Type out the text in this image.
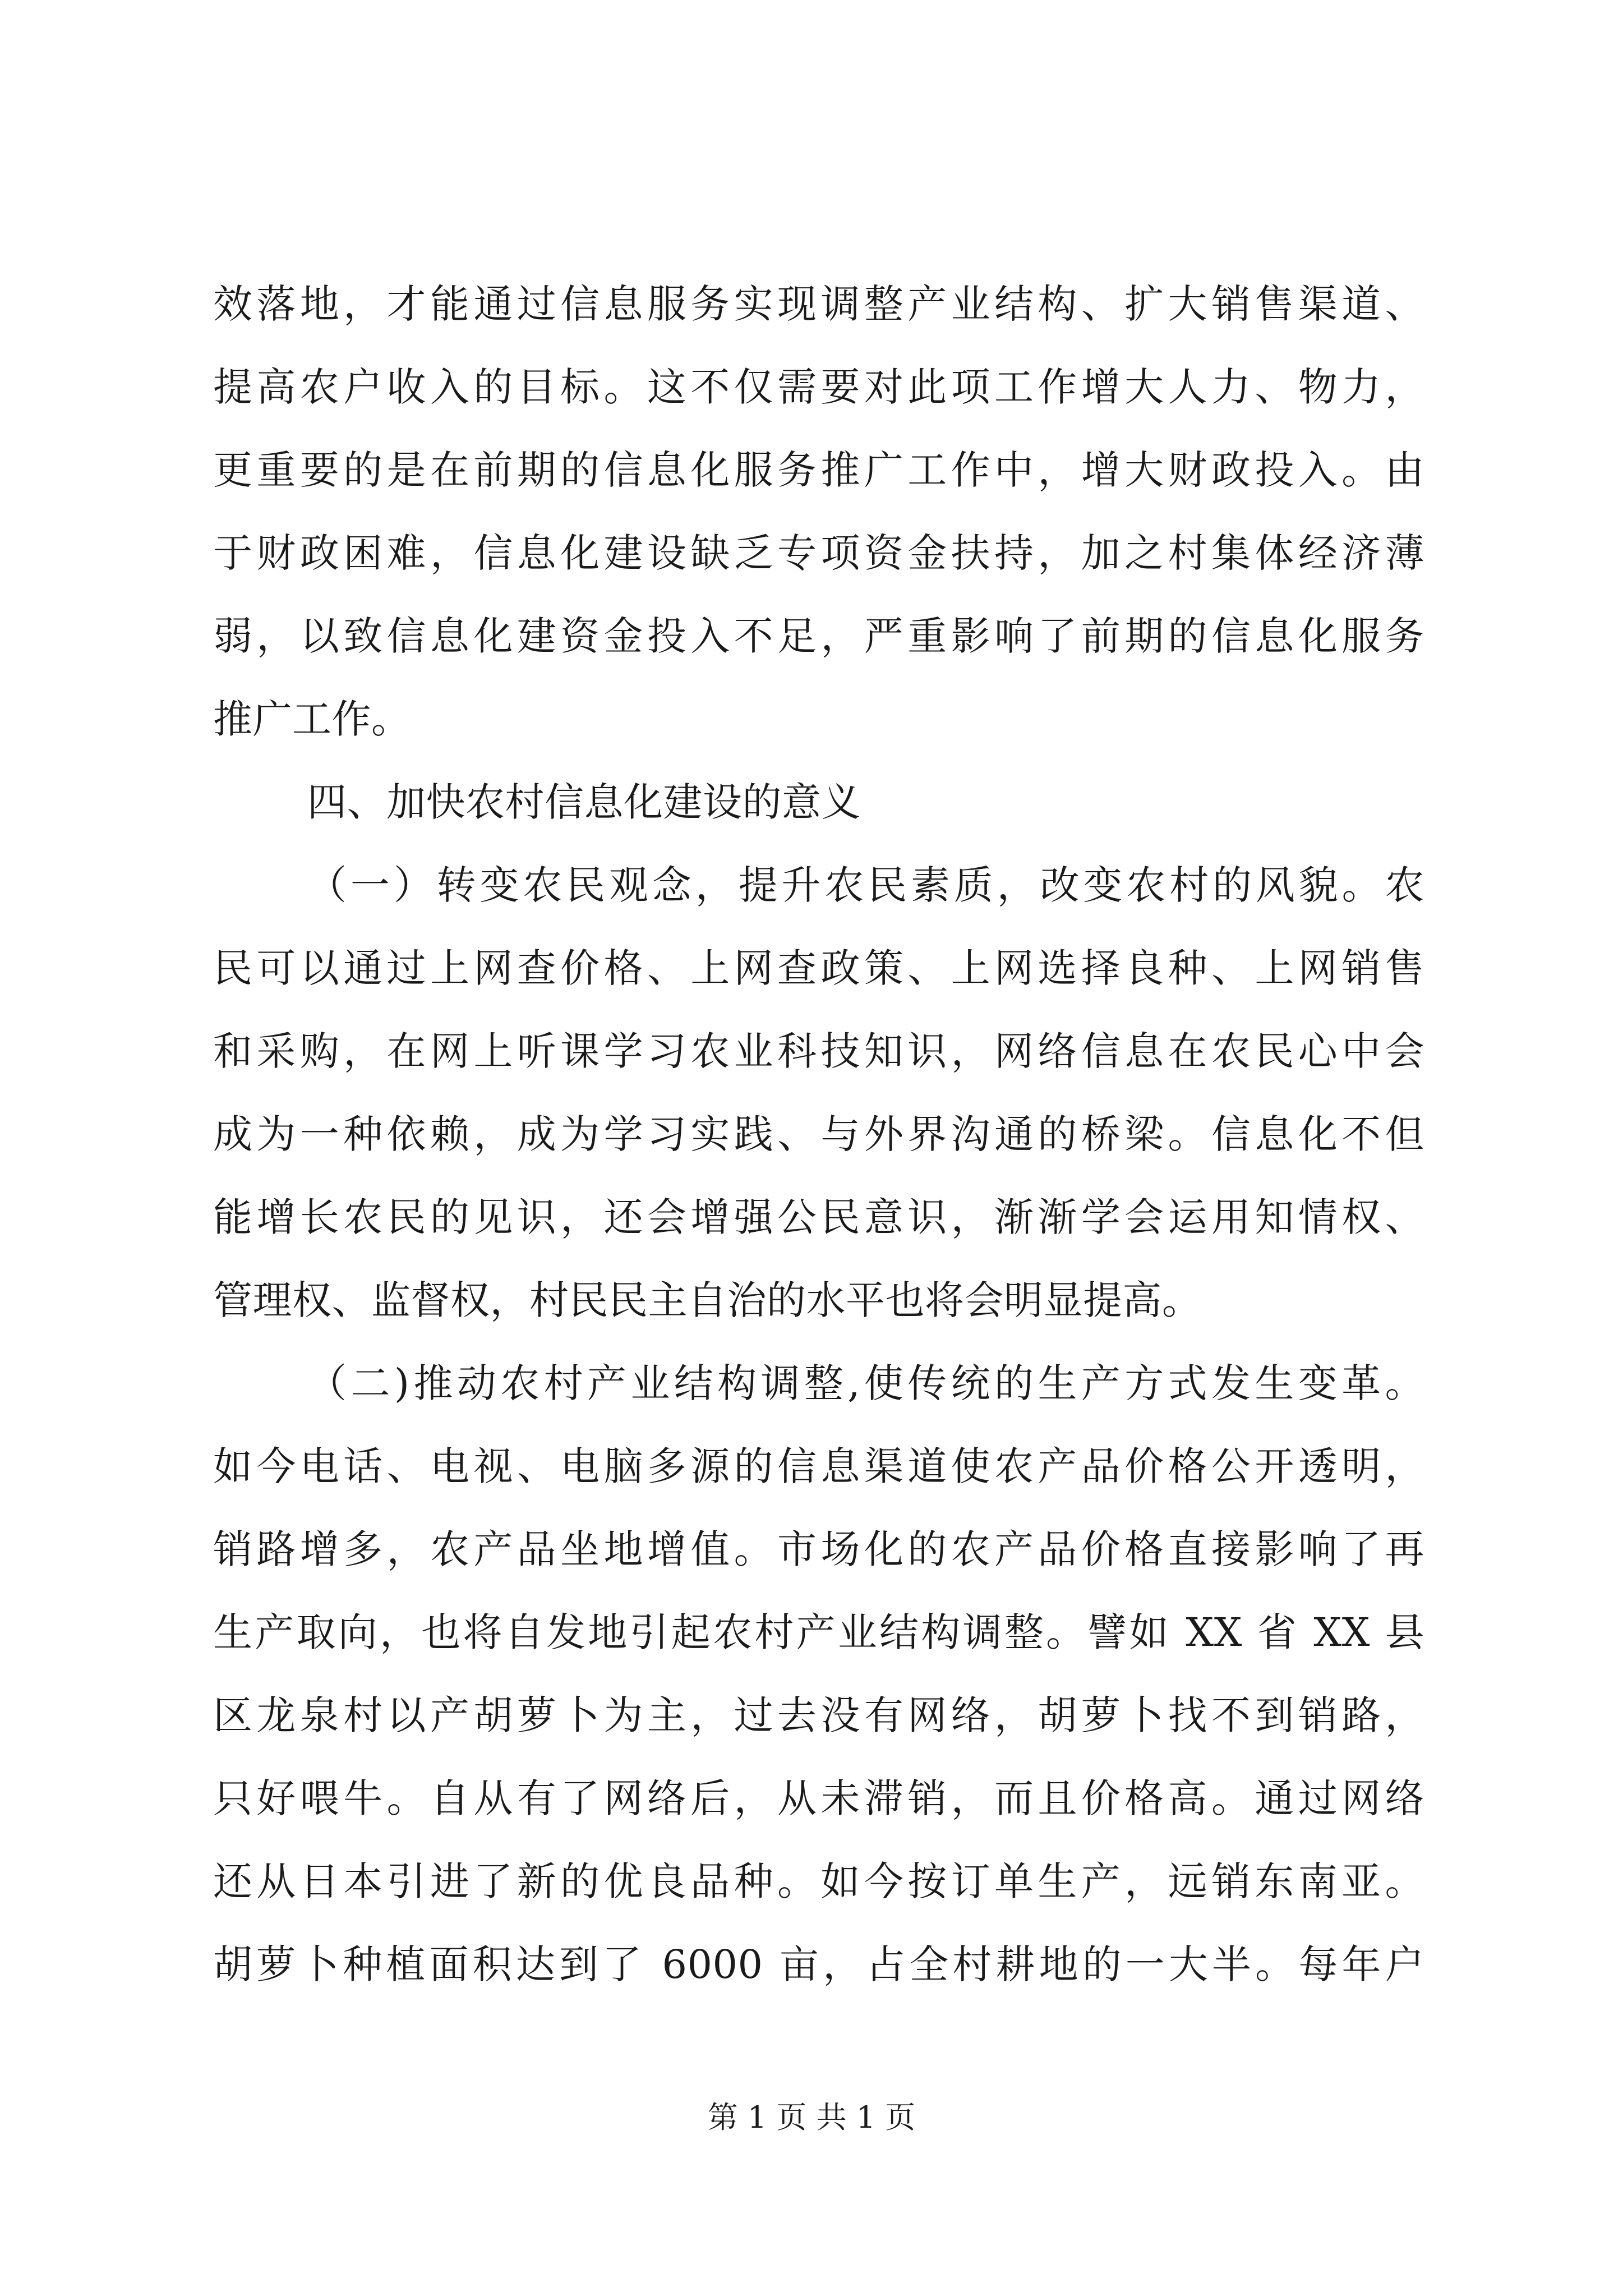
效落地，才能通过信息服务实现调整产业结构、扩大销售渠道、
提高农户收入的目标。这不仅需要对此项工作增大人力、物力，
更重要的是在前期的信息化服务推广工作中，增大财政投入。由
于财政困难，信息化建设缺乏专项资金扶持，加之村集体经济薄
弱，以致信息化建资金投入不足，严重影响了前期的信息化服务
推广工作。
四、加快农村信息化建设的意义
（一）转变农民观念，提升农民素质，改变农村的风貌。农
民可以通过上网查价格、上网查政策、上网选择良种、上网销售
和采购，在网上听课学习农业科技知识，网络信息在农民心中会
成为一种依赖，成为学习实践、与外界沟通的桥梁。信息化不但
能增长农民的见识，还会增强公民意识，渐渐学会运用知情权、
管理权、监督权，村民民主自治的水平也将会明显提高。
（二)推动农村产业结构调整,使传统的生产方式发生变革。
如今电话、电视、电脑多源的信息渠道使农产品价格公开透明，
销路增多，农产品坐地增值。市场化的农产品价格直接影响了再
生产取向，也将自发地引起农村产业结构调整。譬如 XX 省 XX 县
区龙泉村以产胡萝卜为主，过去没有网络，胡萝卜找不到销路，
只好喂牛。自从有了网络后，从未滞销，而且价格高。通过网络
还从日本引进了新的优良品种。如今按订单生产，远销东南亚。
胡萝卜种植面积达到了 6000 亩，占全村耕地的一大半。每年户
第 1 页 共 1 页
